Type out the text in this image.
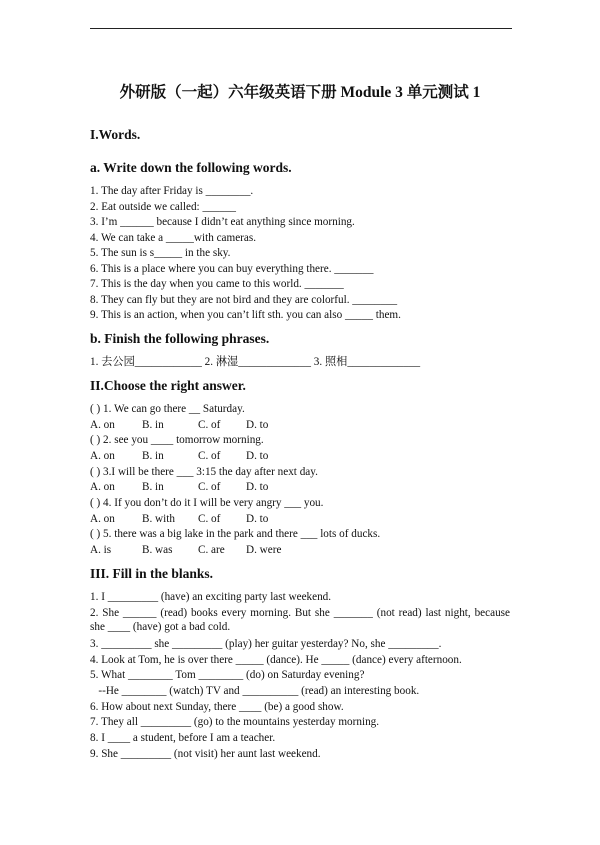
外研版（一起）六年级英语下册 Module 3 单元测试 1
I.Words.
a. Write down the following words.
1. The day after Friday is ________.
2. Eat outside we called: ______
3. I’m ______ because I didn’t eat anything since morning.
4. We can take a _____with cameras.
5. The sun is s_____ in the sky.
6. This is a place where you can buy everything there. _______
7. This is the day when you came to this world. _______
8. They can fly but they are not bird and they are colorful. ________
9. This is an action, when you can’t lift sth. you can also _____ them.
b. Finish the following phrases.
1. 去公园____________ 2. 淋湿_____________ 3. 照相_____________
II.Choose the right answer.
( ) 1. We can go there __ Saturday.
A. on B. in	C. of D. to
( ) 2. see you ____ tomorrow morning.
A. on B. in	C. of D. to
( ) 3.I will be there ___ 3:15 the day after next day.
A. on B. in	C. of D. to
( ) 4. If you don’t do it I will be very angry ___ you.
A. on B. with C. of D. to
( ) 5. there was a big lake in the park and there ___ lots of ducks.
A. is	B. was C. are D. were
III. Fill in the blanks.
1. I _________ (have) an exciting party last weekend.
2. She ______ (read) books every morning. But she _______ (not read) last night, because she ____ (have) got a bad cold.
3. _________ she _________ (play) her guitar yesterday? No, she _________.
4. Look at Tom, he is over there _____ (dance). He _____ (dance) every afternoon.
5. What ________ Tom ________ (do) on Saturday evening?
--He ________ (watch) TV and __________ (read) an interesting book.
6. How about next Sunday, there ____ (be) a good show.
7. They all _________ (go) to the mountains yesterday morning.
8. I ____ a student, before I am a teacher.
9. She _________ (not visit) her aunt last weekend.
